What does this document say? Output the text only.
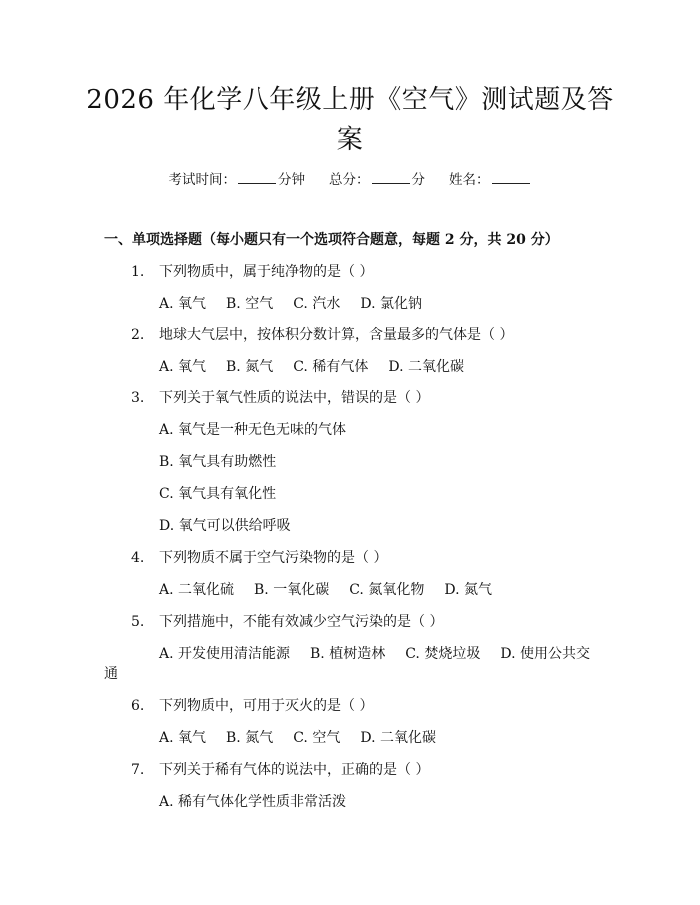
2026 年化学八年级上册《空气》测试题及答
案
考试时间：	分钟 总分：	分 姓名：
一、单项选择题（每小题只有一个选项符合题意，每题 2 分，共 20 分）
1. 下列物质中，属于纯净物的是（ ）
A. 氧气 B. 空气 C. 汽水 D. 氯化钠
2. 地球大气层中，按体积分数计算，含量最多的气体是（ ）
A. 氧气 B. 氮气 C. 稀有气体 D. 二氧化碳
3. 下列关于氧气性质的说法中，错误的是（ ）
A. 氧气是一种无色无味的气体
B. 氧气具有助燃性
C. 氧气具有氧化性
D. 氧气可以供给呼吸
4. 下列物质不属于空气污染物的是（ ）
A. 二氧化硫 B. 一氧化碳 C. 氮氧化物 D. 氮气
5. 下列措施中，不能有效减少空气污染的是（ ）
A. 开发使用清洁能源 B. 植树造林 C. 焚烧垃圾 D. 使用公共交
通
6. 下列物质中，可用于灭火的是（ ）
A. 氧气 B. 氮气 C. 空气 D. 二氧化碳
7. 下列关于稀有气体的说法中，正确的是（ ）
A. 稀有气体化学性质非常活泼
